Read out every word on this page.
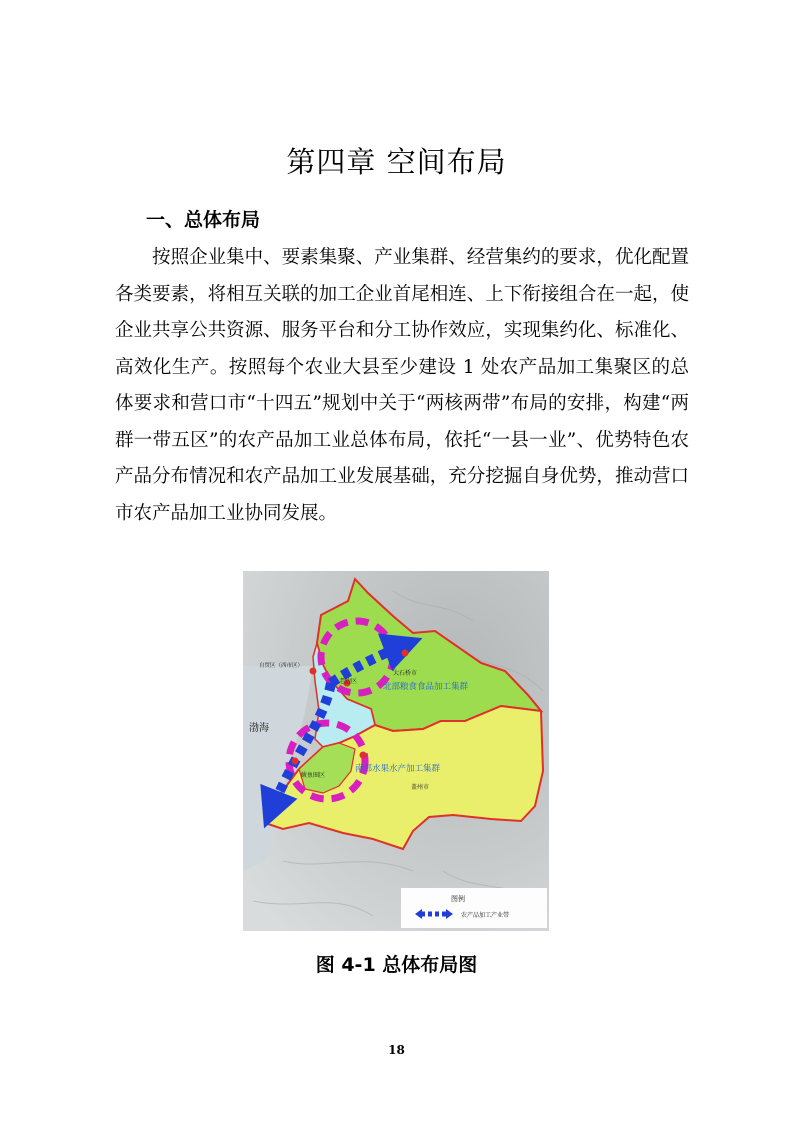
第四章 空间布局
一、总体布局

　　按照企业集中、要素集聚、产业集群、经营集约的要求，优化配置各类要素，将相互关联的加工企业首尾相连、上下衔接组合在一起，使企业共享公共资源、服务平台和分工协作效应，实现集约化、标准化、高效化生产。按照每个农业大县至少建设 1 处农产品加工集聚区的总体要求和营口市“十四五”规划中关于“两核两带”布局的安排，构建“两群一带五区”的农产品加工业总体布局，依托“一县一业”、优势特色农产品分布情况和农产品加工业发展基础，充分挖掘自身优势，推动营口市农产品加工业协同发展。

渤海
自贸区（西市区）
大石桥市
老边区	北部粮食食品加工集群
南部水果水产加工集群
盖州市
鲅鱼圈区
图例
农产品加工产业带
图 4-1 总体布局图
18
